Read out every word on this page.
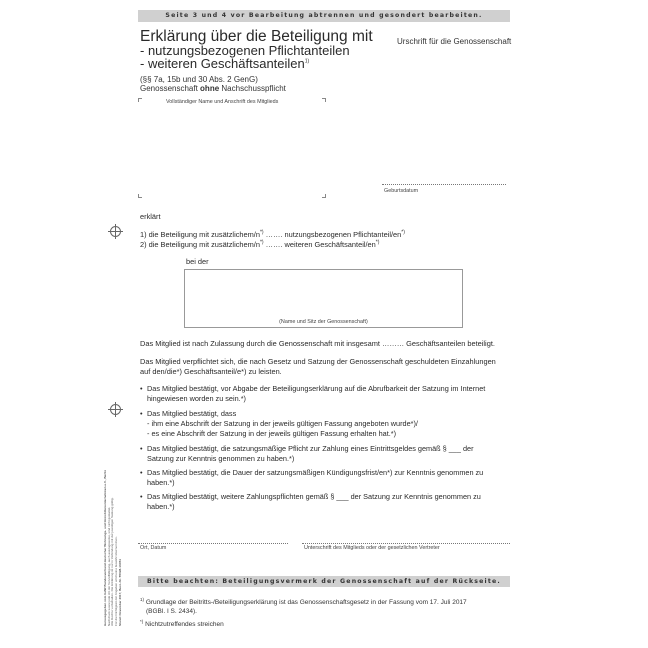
Seite 3 und 4 vor Bearbeitung abtrennen und gesondert bearbeiten.
Erklärung über die Beteiligung mit
- nutzungsbezogenen Pflichtanteilen
- weiteren Geschäftsanteilen$^{1)}$
(§§ 7a, 15b und 30 Abs. 2 GenG)
Genossenschaft ohne Nachschusspflicht
Urschrift für die Genossenschaft
Vollständiger Name und Anschrift des Mitglieds
Geburtsdatum
erklärt
1) die Beteiligung mit zusätzlichem/n*) ……. nutzungsbezogenen Pflichtanteil/en*)
2) die Beteiligung mit zusätzlichem/n*) ……. weiteren Geschäftsanteil/en*)
bei der
(Name und Sitz der Genossenschaft)
Das Mitglied ist nach Zulassung durch die Genossenschaft mit insgesamt ……… Geschäftsanteilen beteiligt.
Das Mitglied verpflichtet sich, die nach Gesetz und Satzung der Genossenschaft geschuldeten Einzahlungen
auf den/die*) Geschäftsanteil/e*) zu leisten.
• Das Mitglied bestätigt, vor Abgabe der Beteiligungserklärung auf die Abrufbarkeit der Satzung im Internet
hingewiesen worden zu sein.*)
• Das Mitglied bestätigt, dass
- ihm eine Abschrift der Satzung in der jeweils gültigen Fassung angeboten wurde*)/
- es eine Abschrift der Satzung in der jeweils gültigen Fassung erhalten hat.*)
• Das Mitglied bestätigt, die satzungsmäßige Pflicht zur Zahlung eines Eintrittsgeldes gemäß § ___ der
Satzung zur Kenntnis genommen zu haben.*)
• Das Mitglied bestätigt, die Dauer der satzungsmäßigen Kündigungsfrist/en*) zur Kenntnis genommen zu
haben.*)
• Das Mitglied bestätigt, weitere Zahlungspflichten gemäß § ___ der Satzung zur Kenntnis genommen zu
haben.*)
Ort, Datum	Unterschrift des Mitglieds oder der gesetzlichen Vertreter
Bitte beachten: Beteiligungsvermerk der Genossenschaft auf der Rückseite.
$^{1)}$ Grundlage der Beitritts-/Beteiligungserklärung ist das Genossenschaftsgesetz in der Fassung vom 17. Juli 2017
(BGBl. I S. 2434).
*) Nichtzutreffendes streichen
Herausgegeben vom GdW Bundesverband deutscher Wohnungs- und Immobilienunternehmen e.V., Berlin Nachdruck sowie jede Art der Vervielfältigung, auch auszugsweise, sind nicht gestattet. Alle Rechte vorbehalten. Die Erklärung ist nur in Verbindung mit der jeweiligen Satzung gültig. Für die Richtigkeit der Angaben wird keine Gewähr übernommen. Stand: November 2017, Best.-Nr. 55028-10454
